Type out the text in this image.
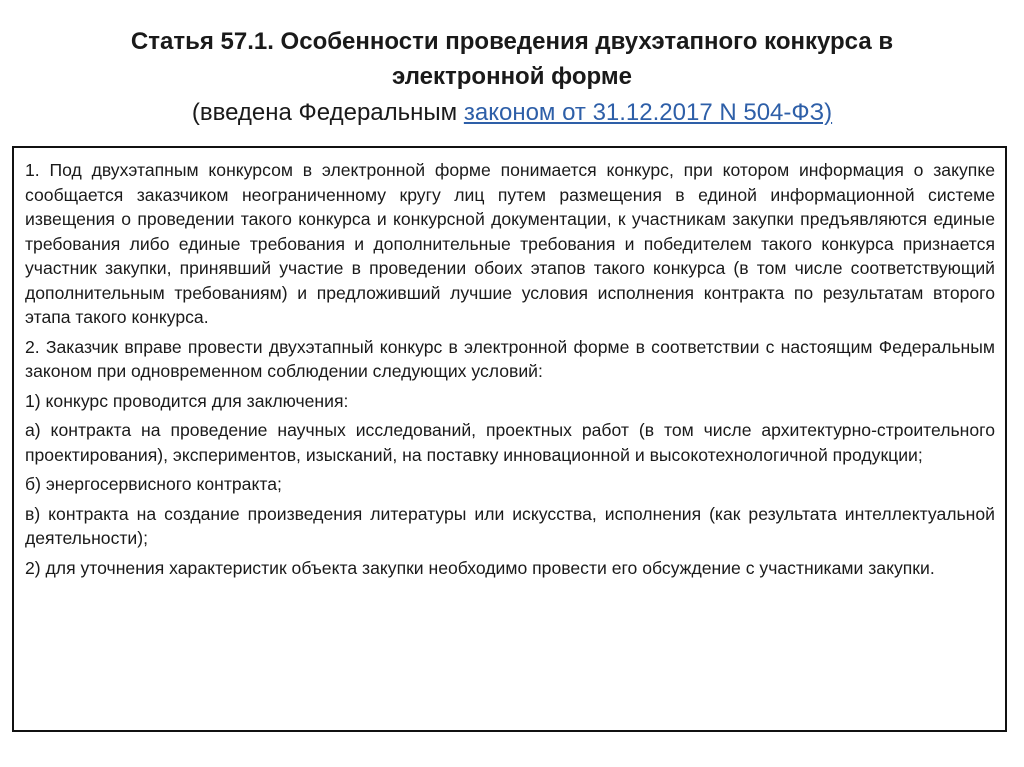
Статья 57.1. Особенности проведения двухэтапного конкурса в

электронной форме

(введена Федеральным законом от 31.12.2017 N 504-ФЗ)

1. Под двухэтапным конкурсом в электронной форме понимается конкурс, при котором информация о закупке сообщается заказчиком неограниченному кругу лиц путем размещения в единой информационной системе извещения о проведении такого конкурса и конкурсной документации, к участникам закупки предъявляются единые требования либо единые требования и дополнительные требования и победителем такого конкурса признается участник закупки, принявший участие в проведении обоих этапов такого конкурса (в том числе соответствующий дополнительным требованиям) и предложивший лучшие условия исполнения контракта по результатам второго этапа такого конкурса.

2. Заказчик вправе провести двухэтапный конкурс в электронной форме в соответствии с настоящим Федеральным законом при одновременном соблюдении следующих условий:

1) конкурс проводится для заключения:

а) контракта на проведение научных исследований, проектных работ (в том числе архитектурно-строительного проектирования), экспериментов, изысканий, на поставку инновационной и высокотехнологичной продукции;

б) энергосервисного контракта;

в) контракта на создание произведения литературы или искусства, исполнения (как результата интеллектуальной деятельности);

2) для уточнения характеристик объекта закупки необходимо провести его обсуждение с участниками закупки.
